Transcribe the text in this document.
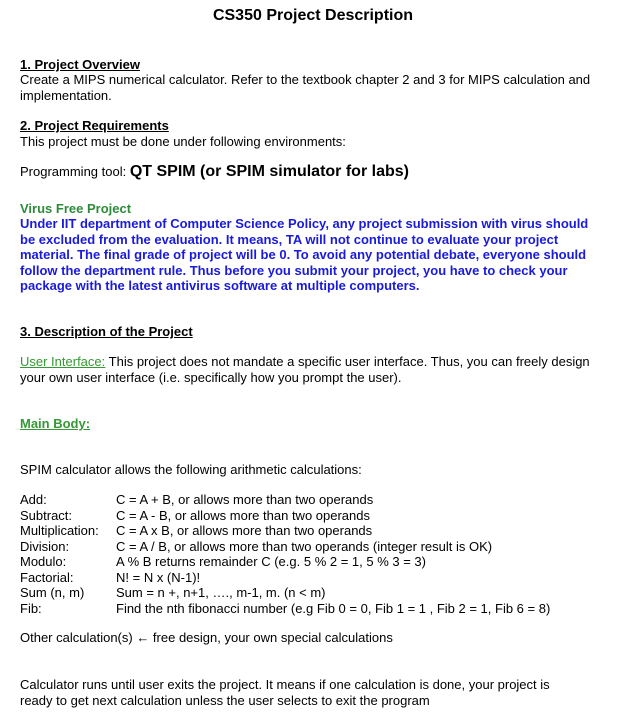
CS350 Project Description
1. Project Overview
Create a MIPS numerical calculator. Refer to the textbook chapter 2 and 3 for MIPS calculation and implementation.
2. Project Requirements
This project must be done under following environments:
Programming tool: QT SPIM (or SPIM simulator for labs)
Virus Free Project
Under IIT department of Computer Science Policy, any project submission with virus should be excluded from the evaluation. It means, TA will not continue to evaluate your project material. The final grade of project will be 0. To avoid any potential debate, everyone should follow the department rule. Thus before you submit your project, you have to check your package with the latest antivirus software at multiple computers.
3. Description of the Project
User Interface: This project does not mandate a specific user interface. Thus, you can freely design your own user interface (i.e. specifically how you prompt the user).
Main Body:
SPIM calculator allows the following arithmetic calculations:
Add:	C = A + B, or allows more than two operands
Subtract:	C = A - B, or allows more than two operands
Multiplication: C = A x B, or allows more than two operands
Division:	C = A / B, or allows more than two operands (integer result is OK)
Modulo:	A % B returns remainder C (e.g. 5 % 2 = 1, 5 % 3 = 3)
Factorial:	N! = N x (N-1)!
Sum (n, m) Sum = n +, n+1, …., m-1, m. (n < m)
Fib:	Find the nth fibonacci number (e.g Fib 0 = 0, Fib 1 = 1 , Fib 2 = 1, Fib 6 = 8)
Other calculation(s) ← free design, your own special calculations
Calculator runs until user exits the project. It means if one calculation is done, your project is ready to get next calculation unless the user selects to exit the program
